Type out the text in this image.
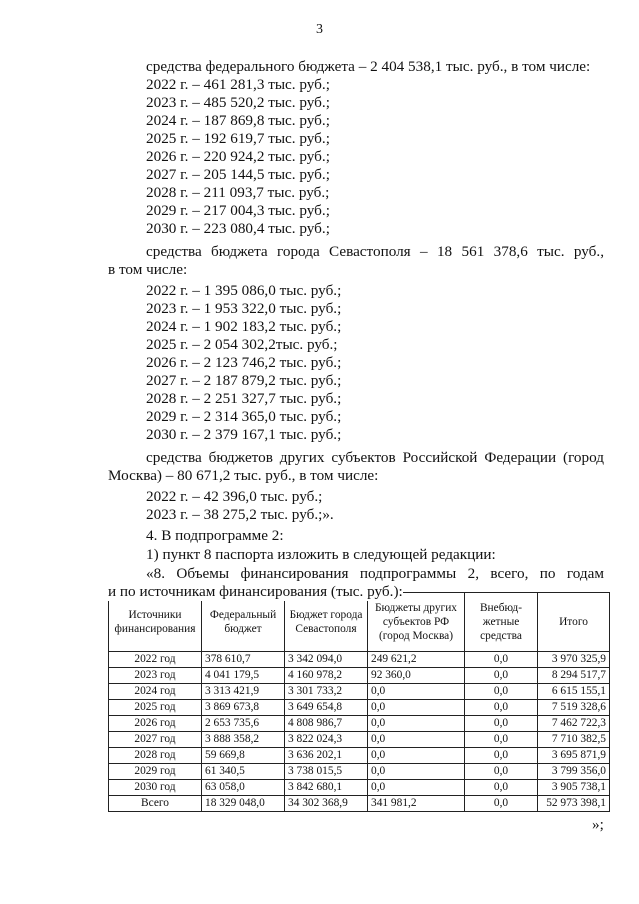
3
средства федерального бюджета – 2 404 538,1 тыс. руб., в том числе:
2022 г. – 461 281,3 тыс. руб.;
2023 г. – 485 520,2 тыс. руб.;
2024 г. – 187 869,8 тыс. руб.;
2025 г. – 192 619,7 тыс. руб.;
2026 г. – 220 924,2 тыс. руб.;
2027 г. – 205 144,5 тыс. руб.;
2028 г. – 211 093,7 тыс. руб.;
2029 г. – 217 004,3 тыс. руб.;
2030 г. – 223 080,4 тыс. руб.;
средства бюджета города Севастополя – 18 561 378,6 тыс. руб.,
в том числе:
2022 г. – 1 395 086,0 тыс. руб.;
2023 г. – 1 953 322,0 тыс. руб.;
2024 г. – 1 902 183,2 тыс. руб.;
2025 г. – 2 054 302,2тыс. руб.;
2026 г. – 2 123 746,2 тыс. руб.;
2027 г. – 2 187 879,2 тыс. руб.;
2028 г. – 2 251 327,7 тыс. руб.;
2029 г. – 2 314 365,0 тыс. руб.;
2030 г. – 2 379 167,1 тыс. руб.;
средства бюджетов других субъектов Российской Федерации (город
Москва) – 80 671,2 тыс. руб., в том числе:
2022 г. – 42 396,0 тыс. руб.;
2023 г. – 38 275,2 тыс. руб.;».
4. В подпрограмме 2:
1) пункт 8 паспорта изложить в следующей редакции:
«8. Объемы финансирования подпрограммы 2, всего, по годам
и по источникам финансирования (тыс. руб.):
Источники финансирования	Федеральный бюджет	Бюджет города Севастополя	Бюджеты других субъектов РФ (город Москва)	Внебюд-жетные средства	Итого
2022 год	378 610,7	3 342 094,0	249 621,2	0,0	3 970 325,9
2023 год	4 041 179,5	4 160 978,2	92 360,0	0,0	8 294 517,7
2024 год	3 313 421,9	3 301 733,2	0,0	0,0	6 615 155,1
2025 год	3 869 673,8	3 649 654,8	0,0	0,0	7 519 328,6
2026 год	2 653 735,6	4 808 986,7	0,0	0,0	7 462 722,3
2027 год	3 888 358,2	3 822 024,3	0,0	0,0	7 710 382,5
2028 год	59 669,8	3 636 202,1	0,0	0,0	3 695 871,9
2029 год	61 340,5	3 738 015,5	0,0	0,0	3 799 356,0
2030 год	63 058,0	3 842 680,1	0,0	0,0	3 905 738,1
Всего	18 329 048,0	34 302 368,9	341 981,2	0,0	52 973 398,1
»;
